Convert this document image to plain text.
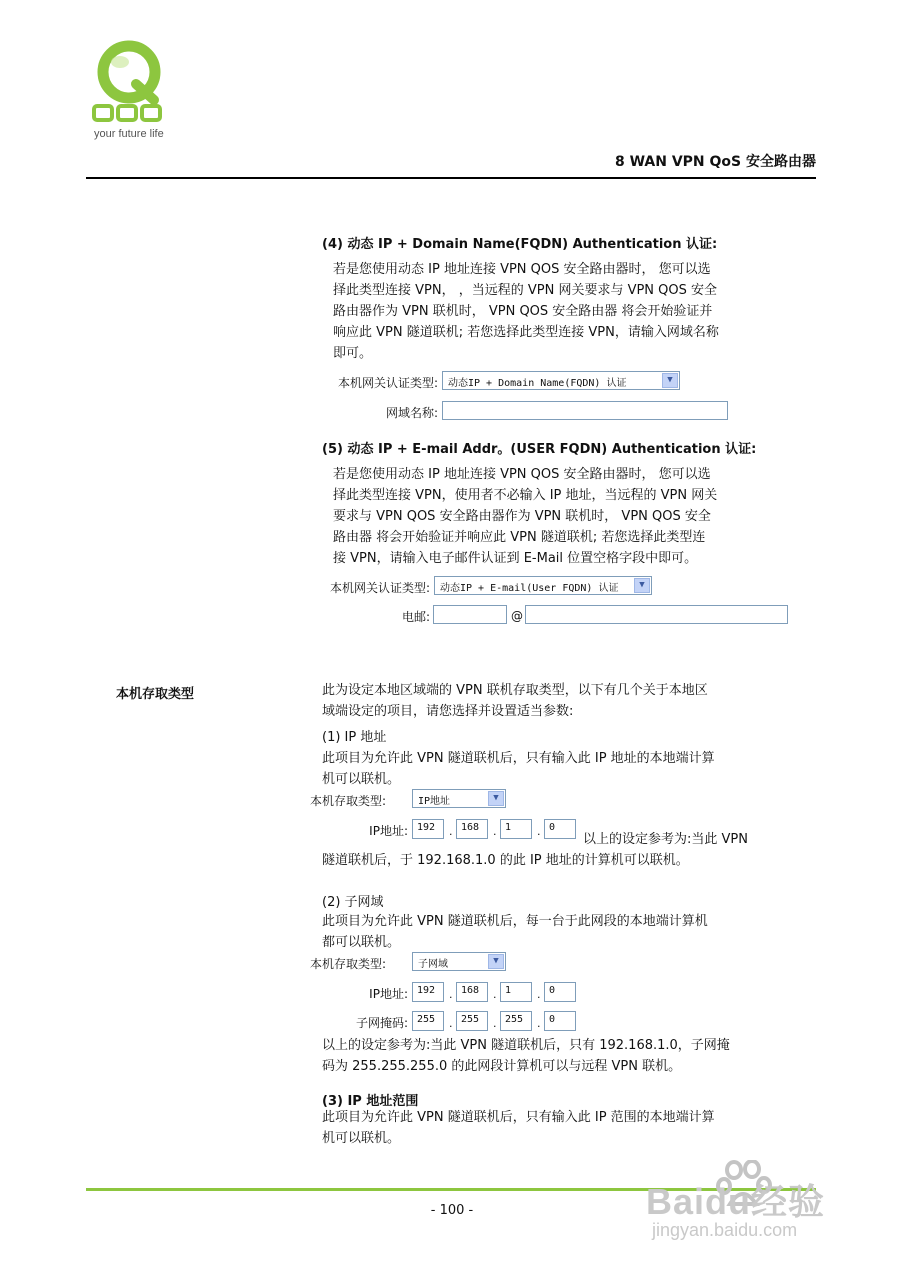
your future life
8 WAN VPN QoS 安全路由器
(4) 动态 IP + Domain Name(FQDN) Authentication 认证:
若是您使用动态 IP 地址连接 VPN QOS 安全路由器时， 您可以选
择此类型连接 VPN， ，当远程的 VPN 网关要求与 VPN QOS 安全
路由器作为 VPN 联机时， VPN QOS 安全路由器 将会开始验证并
响应此 VPN 隧道联机; 若您选择此类型连接 VPN，请输入网域名称
即可。
本机网关认证类型:	动态IP + Domain Name(FQDN) 认证	▼
网域名称:
(5) 动态 IP + E-mail Addr。(USER FQDN) Authentication 认证:
若是您使用动态 IP 地址连接 VPN QOS 安全路由器时， 您可以选
择此类型连接 VPN，使用者不必输入 IP 地址，当远程的 VPN 网关
要求与 VPN QOS 安全路由器作为 VPN 联机时， VPN QOS 安全
路由器 将会开始验证并响应此 VPN 隧道联机; 若您选择此类型连
接 VPN，请输入电子邮件认证到 E-Mail 位置空格字段中即可。
本机网关认证类型:	动态IP + E-mail(User FQDN) 认证	▼
电邮:	@
本机存取类型	此为设定本地区域端的 VPN 联机存取类型，以下有几个关于本地区
域端设定的项目，请您选择并设置适当参数:
(1) IP 地址
此项目为允许此 VPN 隧道联机后，只有输入此 IP 地址的本地端计算
机可以联机。
本机存取类型:	IP地址	▼
IP地址: 192	. 168	. 1	. 0
以上的设定参考为:当此 VPN
隧道联机后，于 192.168.1.0 的此 IP 地址的计算机可以联机。
(2) 子网域
此项目为允许此 VPN 隧道联机后，每一台于此网段的本地端计算机
都可以联机。
本机存取类型:	子网域	▼
IP地址: 192	. 168	. 1	. 0
子网掩码: 255	. 255	. 255	. 0
以上的设定参考为:当此 VPN 隧道联机后，只有 192.168.1.0，子网掩
码为 255.255.255.0 的此网段计算机可以与远程 VPN 联机。
(3) IP 地址范围
此项目为允许此 VPN 隧道联机后，只有输入此 IP 范围的本地端计算
机可以联机。
- 100 -	Baidu经验
jingyan.baidu.com
